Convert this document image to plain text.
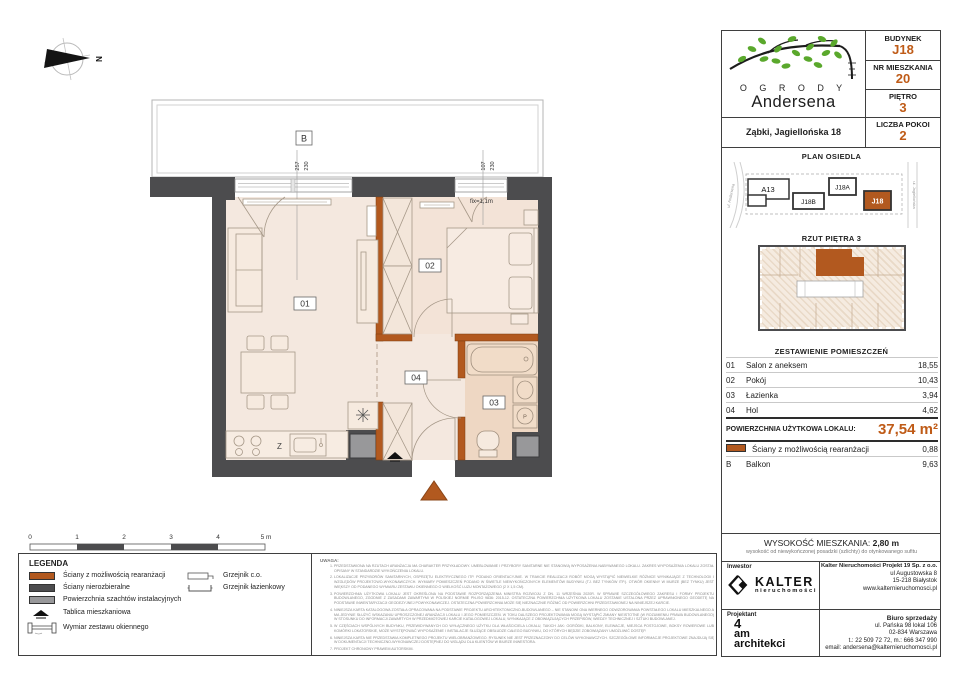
N
B
257 230	107 230
Z
P
fix=1,1m
01
02
03
04
0	1	2	3	4	5 m
O G R O D Y
Andersena
BUDYNEK
J18
NR MIESZKANIA
20
PIĘTRO
3
LICZBA POKOI
2
Ząbki, Jagiellońska 18
PLAN OSIEDLA
A13
J18B
J18A
J18
ul. Andersena	ul. Jagiellońska
RZUT PIĘTRA 3
ZESTAWIENIE POMIESZCZEŃ
01	Salon z aneksem	18,55
02	Pokój	10,43
03	Łazienka	3,94
04	Hol	4,62
POWIERZCHNIA UŻYTKOWA LOKALU:	37,54 m²
Ściany z możliwością rearanżacji	0,88
B	Balkon	9,63
WYSOKOŚĆ MIESZKANIA: 2,80 m
wysokość od niewykończonej posadzki (szlichty) do otynkowanego sufitu
Inwestor
KALTER
nieruchomości
Kalter Nieruchomości Projekt 19 Sp. z o.o.
ul Augustowska 8
15-218 Białystok
www.kalternieruchomosci.pl
Projektant
4
am
architekci
Biuro sprzedaży
ul. Pańska 98 lokal 106
02-834 Warszawa
t.: 22 509 72 72, m.: 666 347 990
email: andersena@kalternieruchomosci.pl
LEGENDA
Ściany z możliwością rearanżacji
Ściany nierozbieralne
Powierzchnia szachtów instalacyjnych
Tablica mieszkaniowa
Wymiar zestawu okiennego
Grzejnik c.o.
Grzejnik łazienkowy
UWAGA:
1. PRZEDSTAWIONA NA RZUTACH ARANŻACJA MA CHARAKTER PRZYKŁADOWY. UMEBLOWANIE I PRZYBORY SANITARNE NIE STANOWIĄ WYPOSAŻENIA NABYWANEGO LOKALU. ZAKRES WYPOSAŻENIA LOKALU ZOSTAŁ OPISANY W STANDARDZIE WYKOŃCZENIA LOKALU.
2. LOKALIZACJE PRZYBORÓW SANITARNYCH, OSPRZĘTU ELEKTRYCZNEGO ITP. PODANO ORIENTACYJNIE. W TRAKCIE REALIZACJI ROBÓT MOGĄ WYSTĄPIĆ NIEWIELKIE RÓŻNICE WYNIKAJĄCE Z TECHNOLOGII I WZGLĘDÓW PROJEKTOWO-WYKONAWCZYCH. WYMIARY POMIESZCZEŃ PODANO W ŚWIETLE NIEWYKOŃCZONYCH ELEMENTÓW BUDYNKU (TJ. BEZ TYNKÓW ITP.). OTWÓR OKIENNY W MURZE (BEZ TYNKU) JEST WIĘKSZY OD PODANEGO WYMIARU ZESTAWU OKIENNEGO O WIELKOŚĆ LUZU MONTAŻOWEGO (2 X 1,5 CM).
3. POWIERZCHNIA UŻYTKOWA LOKALU JEST OKREŚLONA NA PODSTAWIE ROZPORZĄDZENIA MINISTRA ROZWOJU Z DN. 11 WRZEŚNIA 2020R. W SPRAWIE SZCZEGÓŁOWEGO ZAKRESU I FORMY PROJEKTU BUDOWLANEGO, ZGODNIE Z ZASADAMI ZAWARTYMI W POLSKIEJ NORMIE PN-ISO 9836: 2015-12. OSTATECZNA POWIERZCHNIA UŻYTKOWA LOKALU ZOSTANIE USTALONA PRZEZ UPRAWNIONEGO GEODETĘ NA PODSTAWIE INWENTARYZACJI GEODEZYJNEJ POWYKONAWCZEJ. OSTATECZNA POWIERZCHNIA MOŻE SIĘ NIEZNACZNIE RÓŻNIĆ OD POWIERZCHNI PRZEDSTAWIONEJ NA NINIEJSZEJ KARCIE.
4. NINIEJSZA KARTA KATALOGOWA ZOSTAŁA OPRACOWANA NA PODSTAWIE PROJEKTU ARCHITEKTONICZNO-BUDOWLANEGO – NIE STANOWI ONA WIERNEGO ODWZOROWANIA POWSTAŁEGO LOKALU MIESZKALNEGO A MA JEDYNIE SŁUŻYĆ WSKAZANIU UPROSZCZONEJ ARANŻACJI LOKALU I JEGO POMIESZCZEŃ. W TOKU DALSZEGO PROJEKTOWANIA MOGĄ WYSTĄPIĆ ZMIANY NIEISTOTNE (W ROZUMIENIU PRAWA BUDOWLANEGO) W STOSUNKU DO INFORMACJI ZAWARTYCH W PRZEDMIOTOWEJ KARCIE KATALOGOWEJ LOKALU, WYNIKAJĄCE Z OBOWIĄZUJĄCYCH PRZEPISÓW, WIEDZY TECHNICZNEJ I SZTUKI BUDOWLANEJ.
5. W CZĘŚCIACH WSPÓLNYCH BUDYNKU, PRZEWIDYWANYCH DO WYŁĄCZNEGO UŻYTKU DLA WŁAŚCICIELA LOKALU, TAKICH JAK: OGRÓDKI, BALKONY, ELEWACJE, MIEJSCA POSTOJOWE, BOKSY ROWEROWE LUB KOMÓRKI LOKATORSKIE, MOŻE WYSTĘPOWAĆ WYPOSAŻENIE I INSTALACJE SŁUŻĄCE OBSŁUDZE CAŁEGO BUDYNKU, DO KTÓRYCH BĘDZIE ZOBOWIĄZANY UMOŻLIWIĆ DOSTĘP.
6. NINIEJSZA KARTA NIE PRZEDSTAWIA KOMPLETNEGO PROJEKTU WIELOBRANŻOWEGO. RYSUNEK NIE JEST PRZEZNACZONY DO CELÓW WYKONAWCZYCH. SZCZEGÓŁOWE INFORMACJE PROJEKTOWE ZNAJDUJĄ SIĘ W DOKUMENTACJI TECHNICZNO-WYKONAWCZEJ DOSTĘPNEJ DO WGLĄDU DLA KLIENTÓW W BIURZE INWESTORA.
7. PROJEKT CHRONIONY PRAWEM AUTORSKIM.
